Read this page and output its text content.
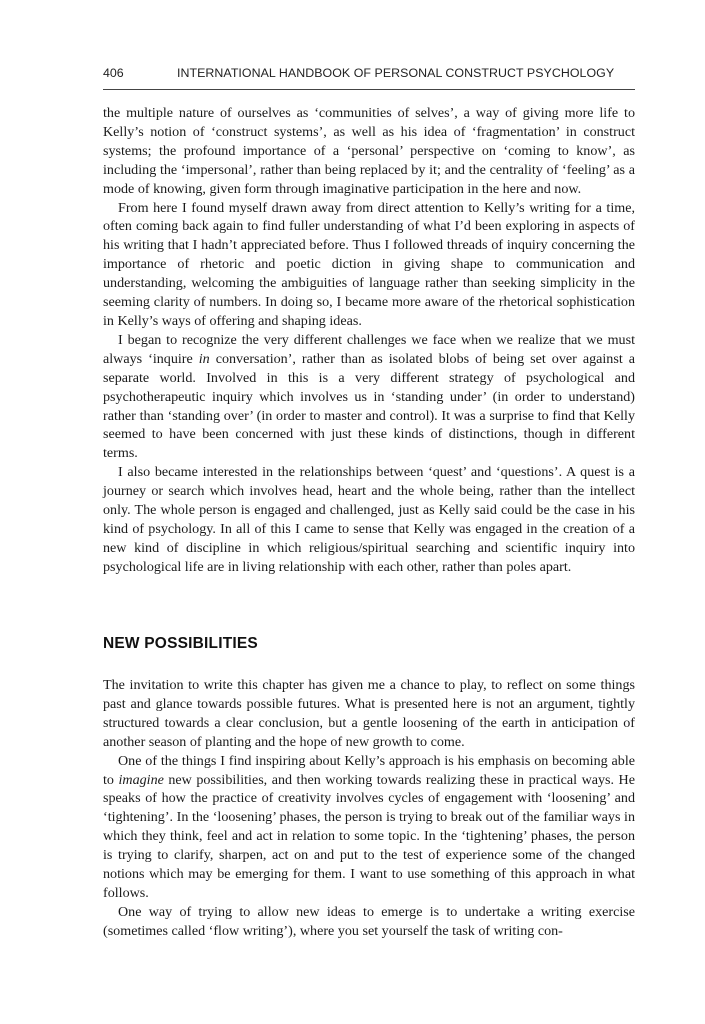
406	INTERNATIONAL HANDBOOK OF PERSONAL CONSTRUCT PSYCHOLOGY

the multiple nature of ourselves as ‘communities of selves’, a way of giving more life to Kelly’s notion of ‘construct systems’, as well as his idea of ‘fragmentation’ in construct systems; the profound importance of a ‘personal’ perspective on ‘coming to know’, as including the ‘impersonal’, rather than being replaced by it; and the centrality of ‘feeling’ as a mode of knowing, given form through imaginative participation in the here and now.

From here I found myself drawn away from direct attention to Kelly’s writing for a time, often coming back again to find fuller understanding of what I’d been exploring in aspects of his writing that I hadn’t appreciated before. Thus I followed threads of inquiry concerning the importance of rhetoric and poetic diction in giving shape to communication and understanding, welcoming the ambiguities of language rather than seeking simplicity in the seeming clarity of numbers. In doing so, I became more aware of the rhetorical sophistication in Kelly’s ways of offering and shaping ideas.

I began to recognize the very different challenges we face when we realize that we must always ‘inquire in conversation’, rather than as isolated blobs of being set over against a separate world. Involved in this is a very different strategy of psychological and psychotherapeutic inquiry which involves us in ‘standing under’ (in order to understand) rather than ‘standing over’ (in order to master and control). It was a surprise to find that Kelly seemed to have been concerned with just these kinds of distinctions, though in different terms.

I also became interested in the relationships between ‘quest’ and ‘questions’. A quest is a journey or search which involves head, heart and the whole being, rather than the intellect only. The whole person is engaged and challenged, just as Kelly said could be the case in his kind of psychology. In all of this I came to sense that Kelly was engaged in the creation of a new kind of discipline in which religious/spiritual searching and scientific inquiry into psychological life are in living relationship with each other, rather than poles apart.

NEW POSSIBILITIES

The invitation to write this chapter has given me a chance to play, to reflect on some things past and glance towards possible futures. What is presented here is not an argument, tightly structured towards a clear conclusion, but a gentle loosening of the earth in anticipation of another season of planting and the hope of new growth to come.

One of the things I find inspiring about Kelly’s approach is his emphasis on becoming able to imagine new possibilities, and then working towards realizing these in practical ways. He speaks of how the practice of creativity involves cycles of engagement with ‘loosening’ and ‘tightening’. In the ‘loosening’ phases, the person is trying to break out of the familiar ways in which they think, feel and act in relation to some topic. In the ‘tightening’ phases, the person is trying to clarify, sharpen, act on and put to the test of experience some of the changed notions which may be emerging for them. I want to use something of this approach in what follows.

One way of trying to allow new ideas to emerge is to undertake a writing exercise (sometimes called ‘flow writing’), where you set yourself the task of writing con-
